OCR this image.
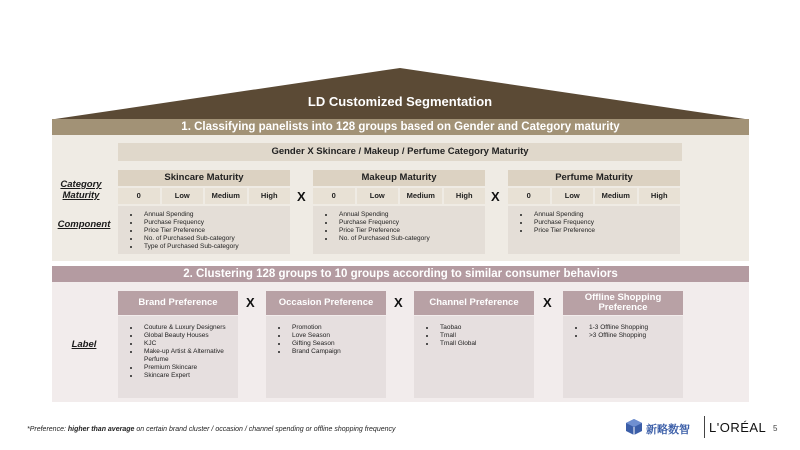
LD Customized Segmentation
1. Classifying panelists into 128 groups based on Gender and Category maturity
Gender X Skincare / Makeup / Perfume Category Maturity
Category Maturity
Component
Skincare Maturity
0	Low	Medium	High
• Annual Spending
• Purchase Frequency
• Price Tier Preference
• No. of Purchased Sub-category
• Type of Purchased Sub-category
X
Makeup Maturity
0	Low	Medium	High
• Annual Spending
• Purchase Frequency
• Price Tier Preference
• No. of Purchased Sub-category
X
Perfume Maturity
0	Low	Medium	High
• Annual Spending
• Purchase Frequency
• Price Tier Preference
2. Clustering 128 groups to 10 groups according to similar consumer behaviors
Label
Brand Preference
• Couture & Luxury Designers
• Global Beauty Houses
• KJC
• Make-up Artist & Alternative Perfume
• Premium Skincare
• Skincare Expert
X	Occasion Preference
• Promotion
• Love Season
• Gifting Season
• Brand Campaign
X	Channel Preference
• Taobao
• Tmall
• Tmall Global
X	Offline Shopping Preference
• 1-3 Offline Shopping
• >3 Offline Shopping
*Preference: higher than average on certain brand cluster / occasion / channel spending or offline shopping frequency	新略数智 L'ORÉAL 5
